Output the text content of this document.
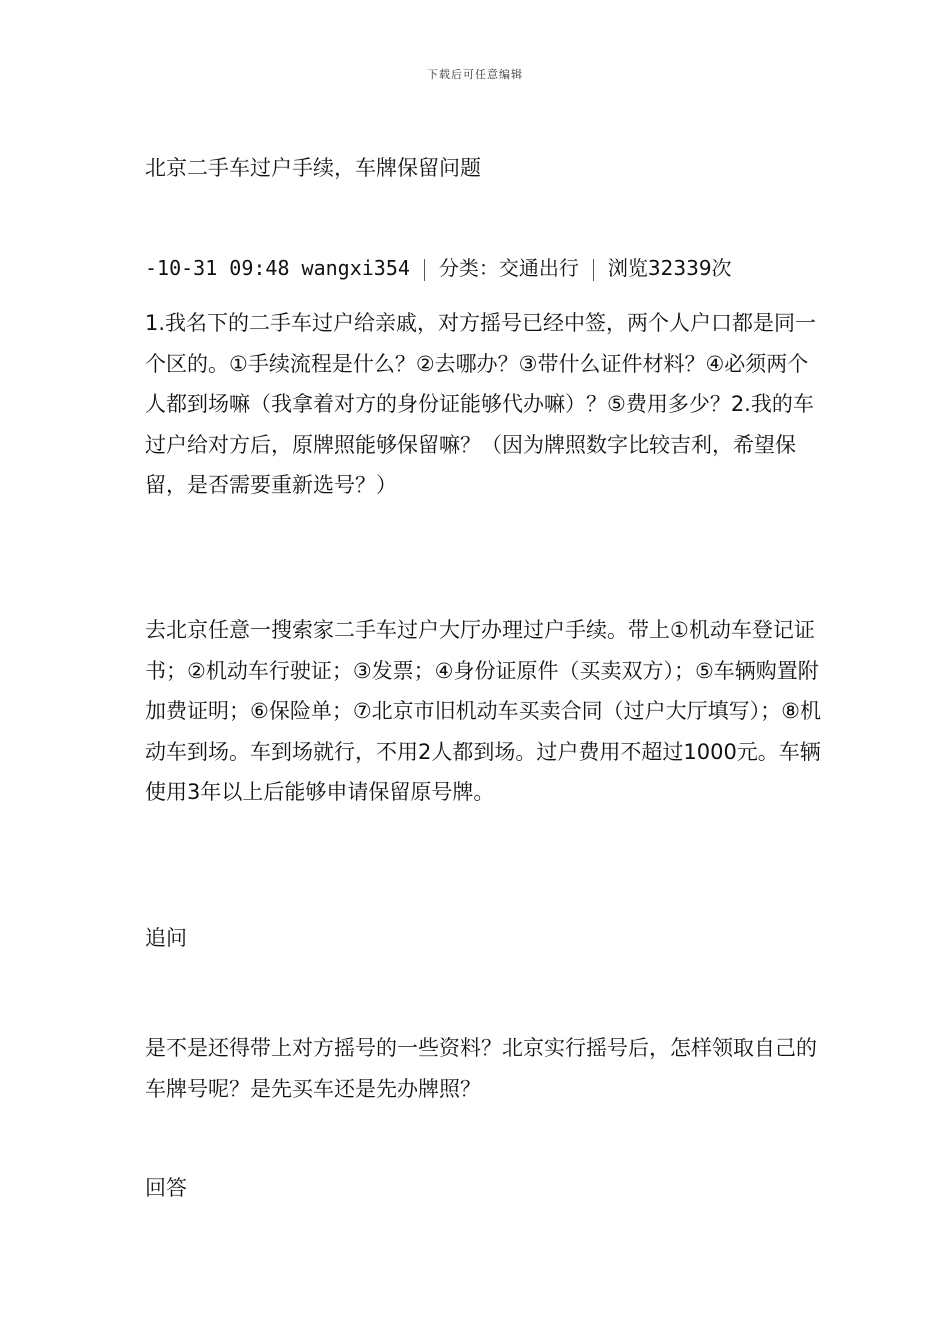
下载后可任意编辑
北京二手车过户手续，车牌保留问题
-10-31 09:48 wangxi354 分类：交通出行 浏览32339次
1.我名下的二手车过户给亲戚，对方摇号已经中签，两个人户口都是同一个区的。①手续流程是什么？②去哪办？③带什么证件材料？④必须两个人都到场嘛（我拿着对方的身份证能够代办嘛）？⑤费用多少？2.我的车过户给对方后，原牌照能够保留嘛？（因为牌照数字比较吉利，希望保留，是否需要重新选号？）
去北京任意一搜索家二手车过户大厅办理过户手续。带上①机动车登记证书；②机动车行驶证；③发票；④身份证原件（买卖双方）；⑤车辆购置附加费证明；⑥保险单；⑦北京市旧机动车买卖合同（过户大厅填写）；⑧机动车到场。车到场就行，不用2人都到场。过户费用不超过1000元。车辆使用3年以上后能够申请保留原号牌。
追问
是不是还得带上对方摇号的一些资料？北京实行摇号后，怎样领取自己的车牌号呢？是先买车还是先办牌照？
回答
